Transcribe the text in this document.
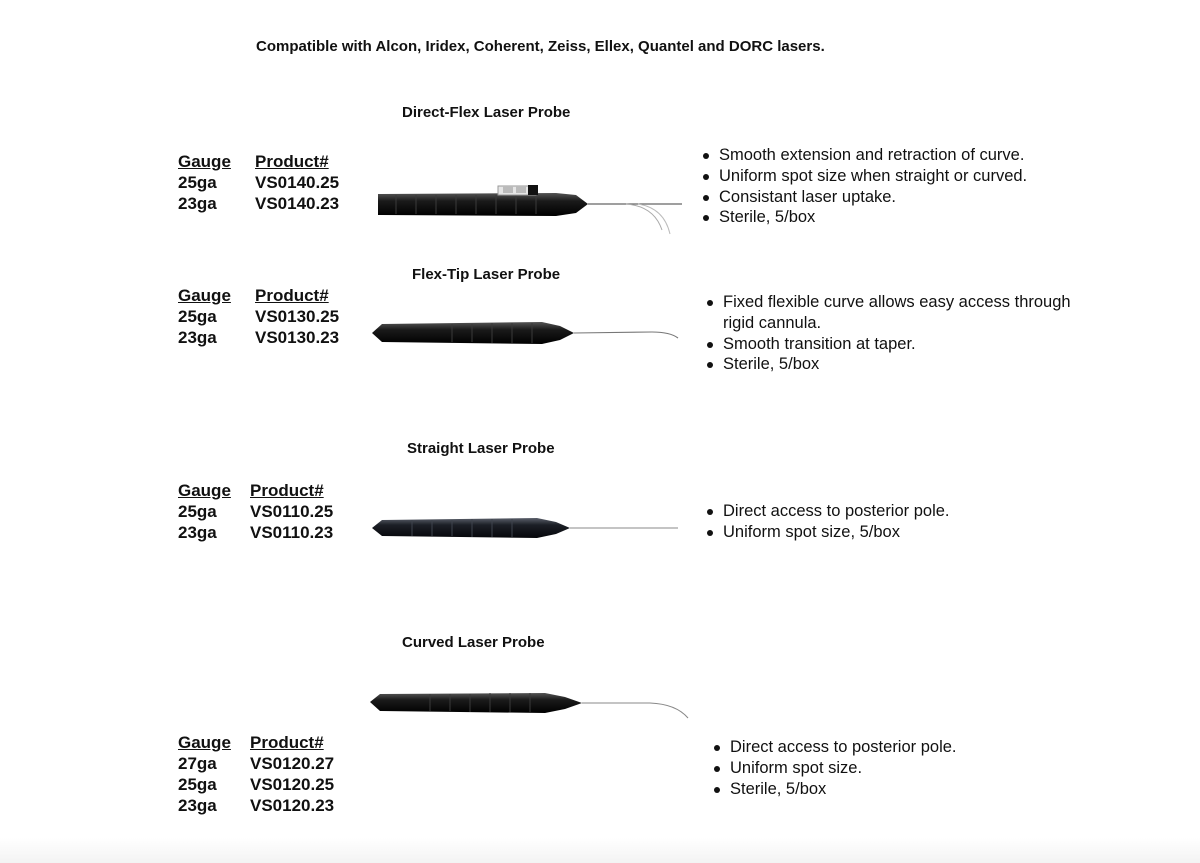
Compatible with Alcon, Iridex, Coherent, Zeiss, Ellex, Quantel and DORC lasers.
Direct-Flex Laser Probe
Gauge	Product#
25ga	VS0140.25
23ga	VS0140.23
Smooth extension and retraction of curve.
Uniform spot size when straight or curved.
Consistant laser uptake.
Sterile, 5/box
Flex-Tip Laser Probe
Gauge	Product#
25ga	VS0130.25
23ga	VS0130.23
Fixed flexible curve allows easy access through rigid cannula.
Smooth transition at taper.
Sterile, 5/box
Straight Laser Probe
Gauge	Product#
25ga	VS0110.25
23ga	VS0110.23
Direct access to posterior pole.
Uniform spot size, 5/box
Curved Laser Probe
Gauge	Product#
27ga	VS0120.27
25ga	VS0120.25
23ga	VS0120.23
Direct access to posterior pole.
Uniform spot size.
Sterile, 5/box
